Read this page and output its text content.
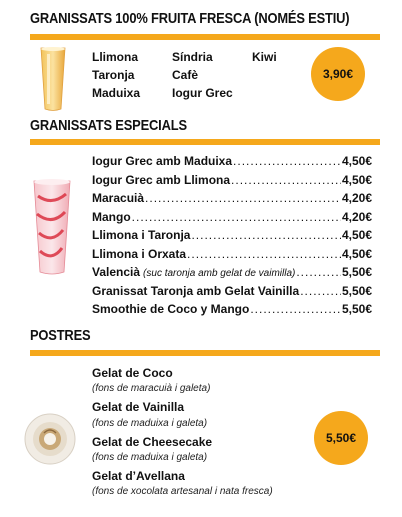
GRANISSATS 100% FRUITA FRESCA (NOMÉS ESTIU)
Llimona	Síndria	Kiwi
Taronja	Cafè
Maduixa	Iogur Grec
3,90€
GRANISSATS ESPECIALS
Iogur Grec amb Maduixa .....	4,50€
Iogur Grec amb Llimona .....	4,50€
Maracuià .....	4,20€
Mango .....	4,20€
Llimona i Taronja .....	4,50€
Llimona i Orxata .....	4,50€
Valencià (suc taronja amb gelat de vaimilla) .....	5,50€
Granissat Taronja amb Gelat Vainilla .....	5,50€
Smoothie de Coco y Mango .....	5,50€
POSTRES
Gelat de Coco
(fons de maracuià i galeta)
Gelat de Vainilla
(fons de maduixa i galeta)
Gelat de Cheesecake
(fons de maduixa i galeta)
Gelat d’Avellana
(fons de xocolata artesanal i nata fresca)
5,50€
